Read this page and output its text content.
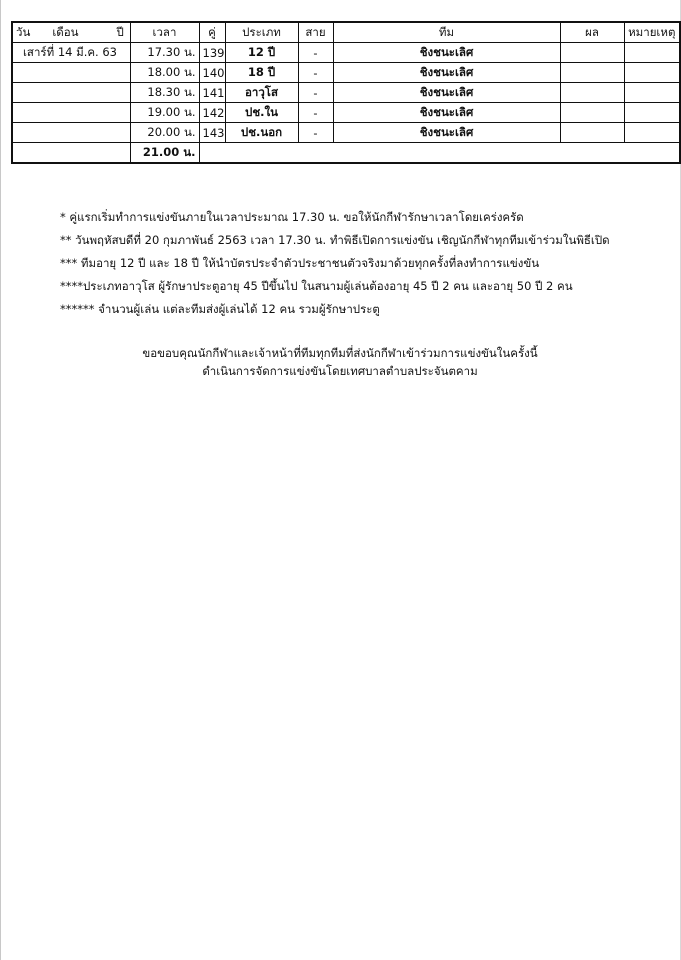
วัน เดือน ปี	เวลา	คู่	ประเภท	สาย	ทีม	ผล	หมายเหตุ
เสาร์ที่ 14 มี.ค. 63	17.30 น.	139	12 ปี	-	ชิงชนะเลิศ		
	18.00 น.	140	18 ปี	-	ชิงชนะเลิศ		
	18.30 น.	141	อาวุโส	-	ชิงชนะเลิศ		
	19.00 น.	142	ปช.ใน	-	ชิงชนะเลิศ		
	20.00 น.	143	ปช.นอก	-	ชิงชนะเลิศ		
	21.00 น.						
* คู่แรกเริ่มทำการแข่งขันภายในเวลาประมาณ 17.30 น. ขอให้นักกีฬารักษาเวลาโดยเคร่งครัด
** วันพฤหัสบดีที่ 20 กุมภาพันธ์ 2563 เวลา 17.30 น. ทำพิธีเปิดการแข่งขัน เชิญนักกีฬาทุกทีมเข้าร่วมในพิธีเปิด
*** ทีมอายุ 12 ปี และ 18 ปี ให้นำบัตรประจำตัวประชาชนตัวจริงมาด้วยทุกครั้งที่ลงทำการแข่งขัน
****ประเภทอาวุโส ผู้รักษาประตูอายุ 45 ปีขึ้นไป ในสนามผู้เล่นต้องอายุ 45 ปี 2 คน และอายุ 50 ปี 2 คน
****** จำนวนผู้เล่น แต่ละทีมส่งผู้เล่นได้ 12 คน รวมผู้รักษาประตู
ขอขอบคุณนักกีฬาและเจ้าหน้าที่ทีมทุกทีมที่ส่งนักกีฬาเข้าร่วมการแข่งขันในครั้งนี้
ดำเนินการจัดการแข่งขันโดยเทศบาลตำบลประจันตคาม
